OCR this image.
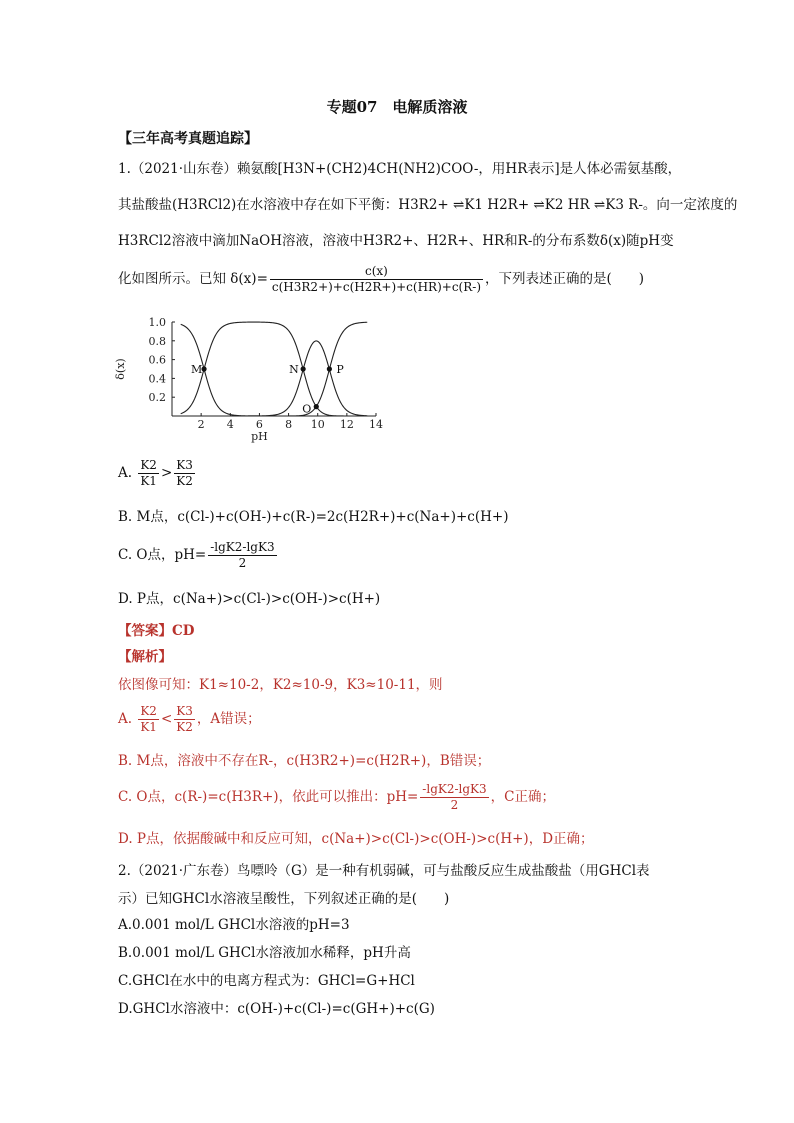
专题07　电解质溶液
【三年高考真题追踪】
1.（2021·山东卷）赖氨酸[H3N+(CH2)4CH(NH2)COO-，用HR表示]是人体必需氨基酸，
其盐酸盐(H3RCl2)在水溶液中存在如下平衡：H3R2+ ⇌K1 H2R+ ⇌K2 HR ⇌K3 R-。向一定浓度的
H3RCl2溶液中滴加NaOH溶液，溶液中H3R2+、H2R+、HR和R-的分布系数δ(x)随pH变
化如图所示。已知 $\delta(x)= \frac{c(x)}{c(H3R2+)+c(H2R+)+c(HR)+c(R-)}$ ，下列表述正确的是(　　)
2 4 6 8 10 12 14
0.2
0.4
0.6
0.8
1.0
pH
δ(x)	M	N
O
P
A. $\frac{K2}{K1} > \frac{K3}{K2}$
B. M点，c(Cl-)+c(OH-)+c(R-)=2c(H2R+)+c(Na+)+c(H+)
C. O点，$pH= \frac{-\lg K2-\lg K3}{2}$
D. P点，c(Na+)>c(Cl-)>c(OH-)>c(H+)
【答案】CD
【解析】
依图像可知：K1≈10-2，K2≈10-9，K3≈10-11，则
A. $\frac{K2}{K1} < \frac{K3}{K2}$ ，A错误；
B. M点，溶液中不存在R-，c(H3R2+)=c(H2R+)，B错误；
C. O点，c(R-)=c(H3R+)，依此可以推出：$pH= \frac{-\lg K2-\lg K3}{2}$ ，C正确；
D. P点，依据酸碱中和反应可知，c(Na+)>c(Cl-)>c(OH-)>c(H+)，D正确；
2.（2021·广东卷）鸟嘌呤（G）是一种有机弱碱，可与盐酸反应生成盐酸盐（用GHCl表
示）已知GHCl水溶液呈酸性，下列叙述正确的是(　　)
A.0.001 mol/L GHCl水溶液的pH=3
B.0.001 mol/L GHCl水溶液加水稀释，pH升高
C.GHCl在水中的电离方程式为：GHCl=G+HCl
D.GHCl水溶液中：c(OH-)+c(Cl-)=c(GH+)+c(G)
